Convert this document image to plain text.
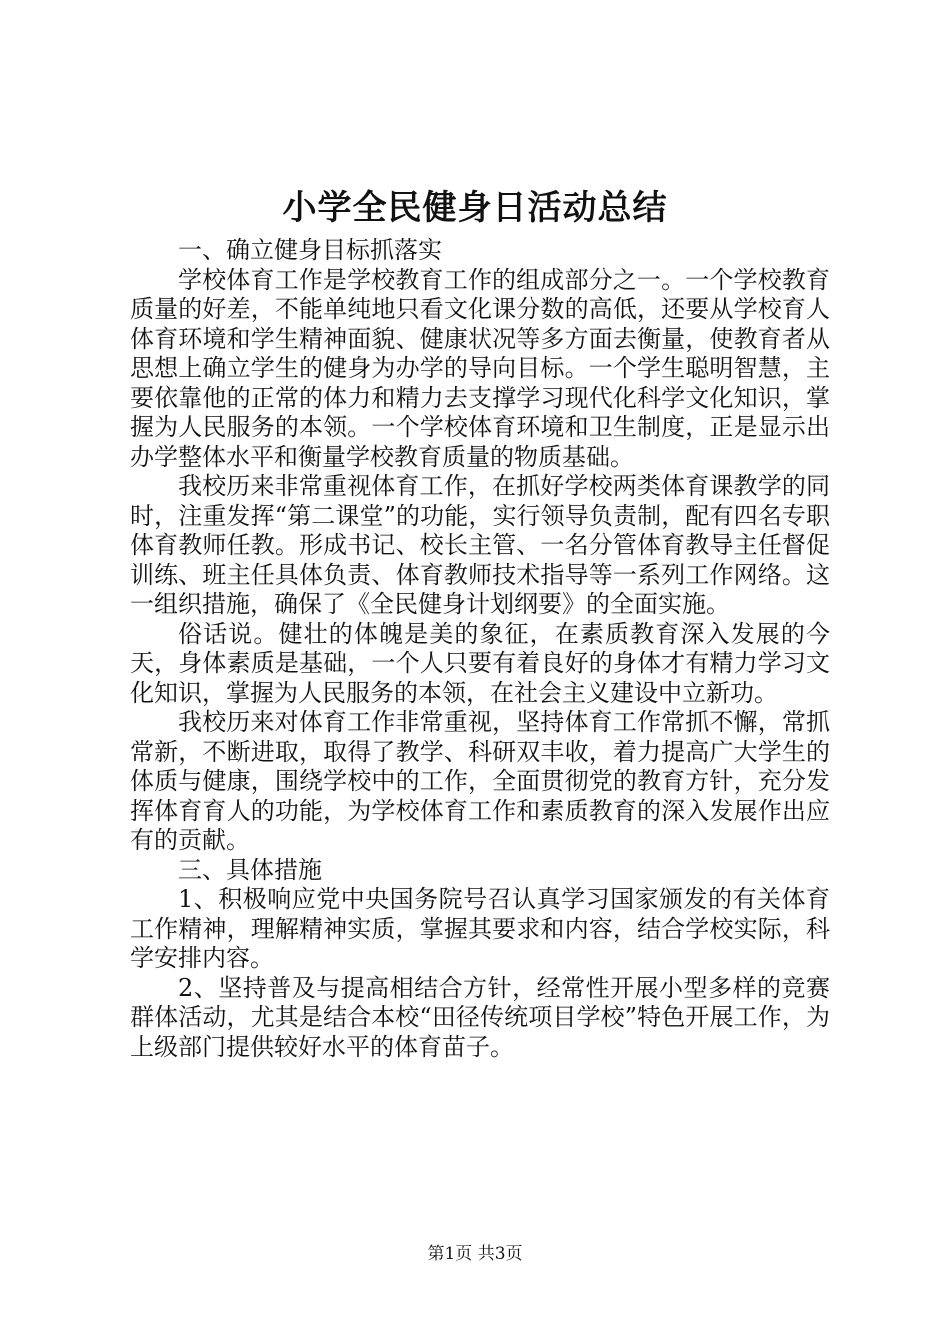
小学全民健身日活动总结

一、确立健身目标抓落实

学校体育工作是学校教育工作的组成部分之一。一个学校教育质量的好差，不能单纯地只看文化课分数的高低，还要从学校育人体育环境和学生精神面貌、健康状况等多方面去衡量，使教育者从思想上确立学生的健身为办学的导向目标。一个学生聪明智慧，主要依靠他的正常的体力和精力去支撑学习现代化科学文化知识，掌握为人民服务的本领。一个学校体育环境和卫生制度，正是显示出办学整体水平和衡量学校教育质量的物质基础。

我校历来非常重视体育工作，在抓好学校两类体育课教学的同时，注重发挥“第二课堂”的功能，实行领导负责制，配有四名专职体育教师任教。形成书记、校长主管、一名分管体育教导主任督促训练、班主任具体负责、体育教师技术指导等一系列工作网络。这一组织措施，确保了《全民健身计划纲要》的全面实施。

俗话说。健壮的体魄是美的象征，在素质教育深入发展的今天，身体素质是基础，一个人只要有着良好的身体才有精力学习文化知识，掌握为人民服务的本领，在社会主义建设中立新功。

我校历来对体育工作非常重视，坚持体育工作常抓不懈，常抓常新，不断进取，取得了教学、科研双丰收，着力提高广大学生的体质与健康，围绕学校中的工作，全面贯彻党的教育方针，充分发挥体育育人的功能，为学校体育工作和素质教育的深入发展作出应有的贡献。

三、具体措施

1、积极响应党中央国务院号召认真学习国家颁发的有关体育工作精神，理解精神实质，掌握其要求和内容，结合学校实际，科学安排内容。

2、坚持普及与提高相结合方针，经常性开展小型多样的竞赛群体活动，尤其是结合本校“田径传统项目学校”特色开展工作，为上级部门提供较好水平的体育苗子。

第1页 共3页
